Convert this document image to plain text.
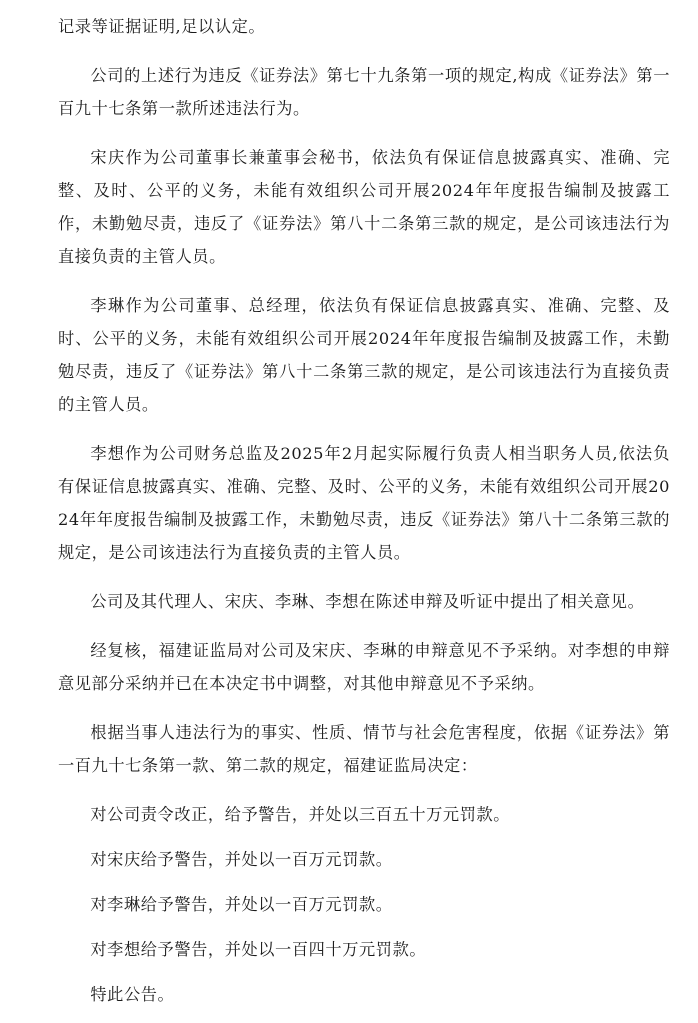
记录等证据证明,足以认定。

公司的上述行为违反《证券法》第七十九条第一项的规定,构成《证券法》第一百九十七条第一款所述违法行为。

宋庆作为公司董事长兼董事会秘书，依法负有保证信息披露真实、准确、完整、及时、公平的义务，未能有效组织公司开展2024年年度报告编制及披露工作，未勤勉尽责，违反了《证券法》第八十二条第三款的规定，是公司该违法行为直接负责的主管人员。

李琳作为公司董事、总经理，依法负有保证信息披露真实、准确、完整、及时、公平的义务，未能有效组织公司开展2024年年度报告编制及披露工作，未勤勉尽责，违反了《证券法》第八十二条第三款的规定，是公司该违法行为直接负责的主管人员。

李想作为公司财务总监及2025年2月起实际履行负责人相当职务人员,依法负有保证信息披露真实、准确、完整、及时、公平的义务，未能有效组织公司开展2024年年度报告编制及披露工作，未勤勉尽责，违反《证券法》第八十二条第三款的规定，是公司该违法行为直接负责的主管人员。

公司及其代理人、宋庆、李琳、李想在陈述申辩及听证中提出了相关意见。

经复核，福建证监局对公司及宋庆、李琳的申辩意见不予采纳。对李想的申辩意见部分采纳并已在本决定书中调整，对其他申辩意见不予采纳。

根据当事人违法行为的事实、性质、情节与社会危害程度，依据《证券法》第一百九十七条第一款、第二款的规定，福建证监局决定：

对公司责令改正，给予警告，并处以三百五十万元罚款。

对宋庆给予警告，并处以一百万元罚款。

对李琳给予警告，并处以一百万元罚款。

对李想给予警告，并处以一百四十万元罚款。

特此公告。
